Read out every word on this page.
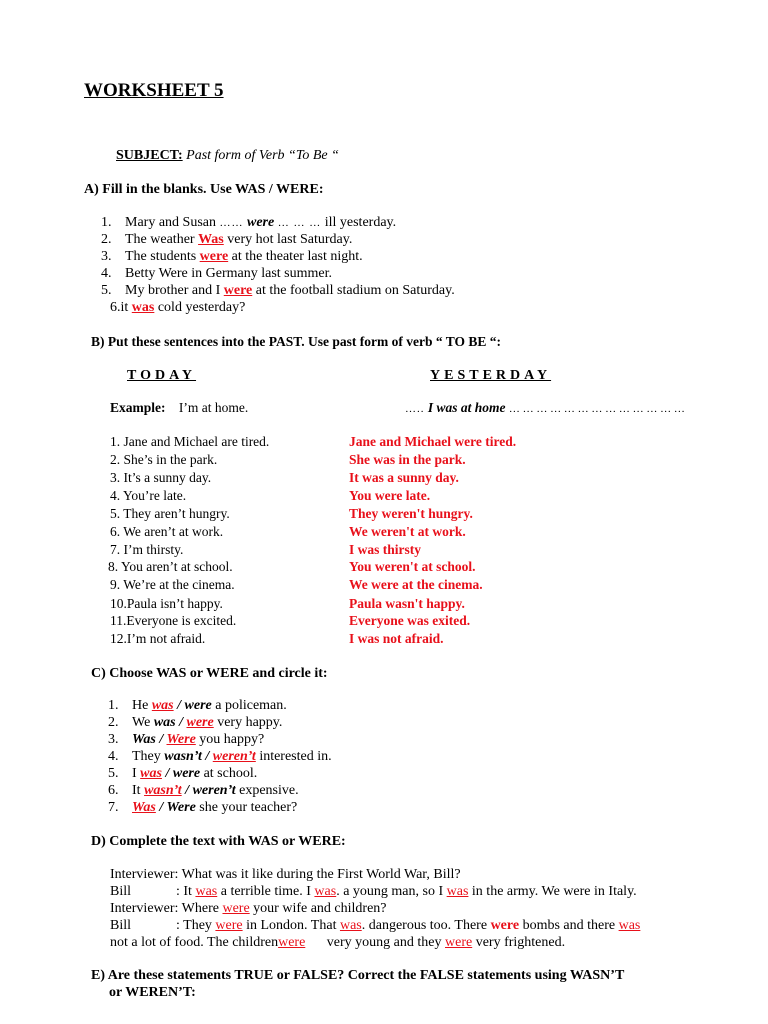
WORKSHEET 5
SUBJECT: Past form of Verb “To Be “
A) Fill in the blanks. Use WAS / WERE:
1. Mary and Susan …… were … … … ill yesterday.
2. The weather Was very hot last Saturday.
3. The students were at the theater last night.
4. Betty Were in Germany last summer.
5. My brother and I were at the football stadium on Saturday.
6.it was cold yesterday?
B) Put these sentences into the PAST. Use past form of verb “ TO BE “:
TODAY	YESTERDAY
Example: I’m at home.	….. I was at home … … … … … … … … … … … … …
1. Jane and Michael are tired.	Jane and Michael were tired.
2. She’s in the park.	She was in the park.
3. It’s a sunny day.	It was a sunny day.
4. You’re late.	You were late.
5. They aren’t hungry.	They weren't hungry.
6. We aren’t at work.	We weren't at work.
7. I’m thirsty.	I was thirsty
8. You aren’t at school.	You weren't at school.
9. We’re at the cinema.	We were at the cinema.
10.Paula isn’t happy.	Paula wasn't happy.
11.Everyone is excited.	Everyone was exited.
12.I’m not afraid.	I was not afraid.
C) Choose WAS or WERE and circle it:
1. He was / were a policeman.
2. We was / were very happy.
3. Was / Were you happy?
4. They wasn’t / weren’t interested in.
5. I was / were at school.
6. It wasn’t / weren’t expensive.
7. Was / Were she your teacher?
D) Complete the text with WAS or WERE:
Interviewer: What was it like during the First World War, Bill?
Bill	: It was a terrible time. I was. a young man, so I was in the army. We were in Italy.
Interviewer: Where were your wife and children?
Bill	: They were in London. That was. dangerous too. There were bombs and there was
not a lot of food. The childrenwere very young and they were very frightened.
E) Are these statements TRUE or FALSE? Correct the FALSE statements using WASN’T
or WEREN’T:
